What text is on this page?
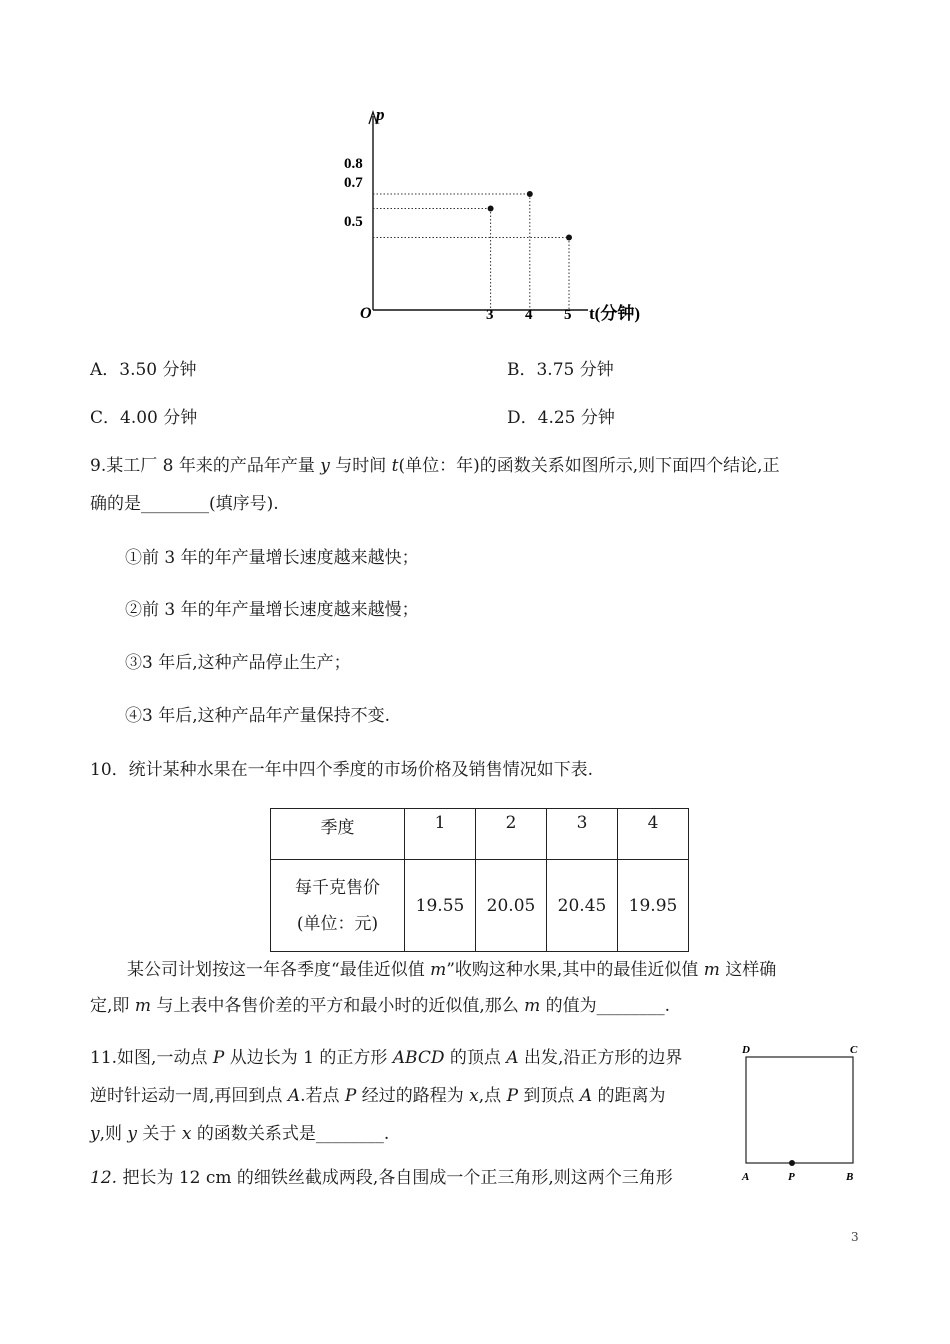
p
O	t(分钟)
0.8
0.7
0.5
3 4 5
A．3.50 分钟	B．3.75 分钟
C．4.00 分钟	D．4.25 分钟
9.某工厂 8 年来的产品年产量 y 与时间 t(单位：年)的函数关系如图所示,则下面四个结论,正
确的是________(填序号).
①前 3 年的年产量增长速度越来越快；
②前 3 年的年产量增长速度越来越慢；
③3 年后,这种产品停止生产；
④3 年后,这种产品年产量保持不变.
10．统计某种水果在一年中四个季度的市场价格及销售情况如下表.
季度	1	2	3	4

每千克售价
(单位：元)	19.55	20.05	20.45	19.95
某公司计划按这一年各季度“最佳近似值 m”收购这种水果,其中的最佳近似值 m 这样确
定,即 m 与上表中各售价差的平方和最小时的近似值,那么 m 的值为________.
11.如图,一动点 P 从边长为 1 的正方形 ABCD 的顶点 A 出发,沿正方形的边界
逆时针运动一周,再回到点 A.若点 P 经过的路程为 x,点 P 到顶点 A 的距离为
y,则 y 关于 x 的函数关系式是________.
D	C
A	P	B
12. 把长为 12 cm 的细铁丝截成两段,各自围成一个正三角形,则这两个三角形
3
